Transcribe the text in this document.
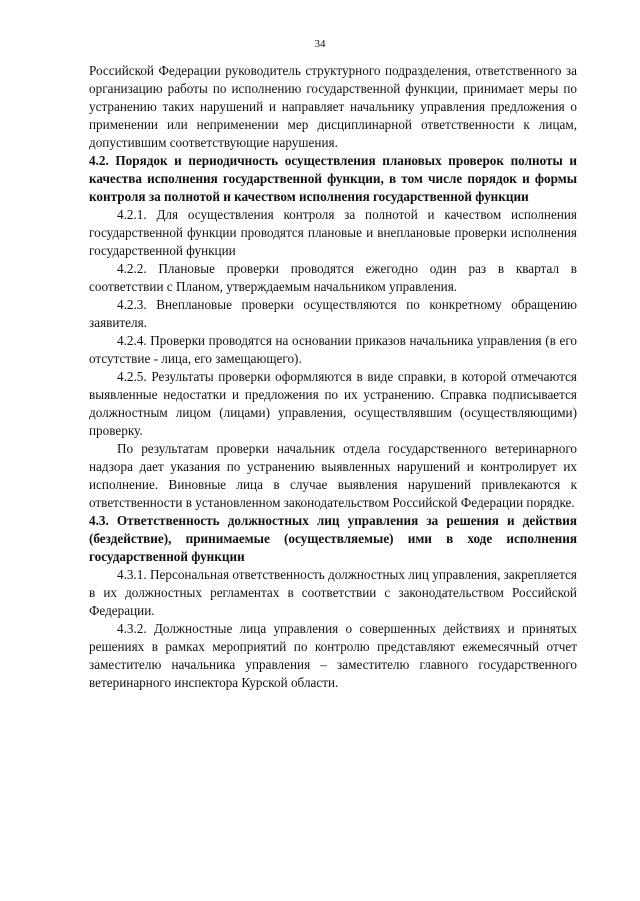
34

Российской Федерации руководитель структурного подразделения, ответственного за организацию работы по исполнению государственной функции, принимает меры по устранению таких нарушений и направляет начальнику управления предложения о применении или неприменении мер дисциплинарной ответственности к лицам, допустившим соответствующие нарушения.

4.2. Порядок и периодичность осуществления плановых проверок полноты и качества исполнения государственной функции, в том числе порядок и формы контроля за полнотой и качеством исполнения государственной функции

4.2.1. Для осуществления контроля за полнотой и качеством исполнения государственной функции проводятся плановые и внеплановые проверки исполнения государственной функции

4.2.2. Плановые проверки проводятся ежегодно один раз в квартал в соответствии с Планом, утверждаемым начальником управления.

4.2.3. Внеплановые проверки осуществляются по конкретному обращению заявителя.

4.2.4. Проверки проводятся на основании приказов начальника управления (в его отсутствие - лица, его замещающего).

4.2.5. Результаты проверки оформляются в виде справки, в которой отмечаются выявленные недостатки и предложения по их устранению. Справка подписывается должностным лицом (лицами) управления, осуществлявшим (осуществляющими) проверку.

По результатам проверки начальник отдела государственного ветеринарного надзора дает указания по устранению выявленных нарушений и контролирует их исполнение. Виновные лица в случае выявления нарушений привлекаются к ответственности в установленном законодательством Российской Федерации порядке.

4.3. Ответственность должностных лиц управления за решения и действия (бездействие), принимаемые (осуществляемые) ими в ходе исполнения государственной функции

4.3.1. Персональная ответственность должностных лиц управления, закрепляется в их должностных регламентах в соответствии с законодательством Российской Федерации.

4.3.2. Должностные лица управления о совершенных действиях и принятых решениях в рамках мероприятий по контролю представляют ежемесячный отчет заместителю начальника управления – заместителю главного государственного ветеринарного инспектора Курской области.
